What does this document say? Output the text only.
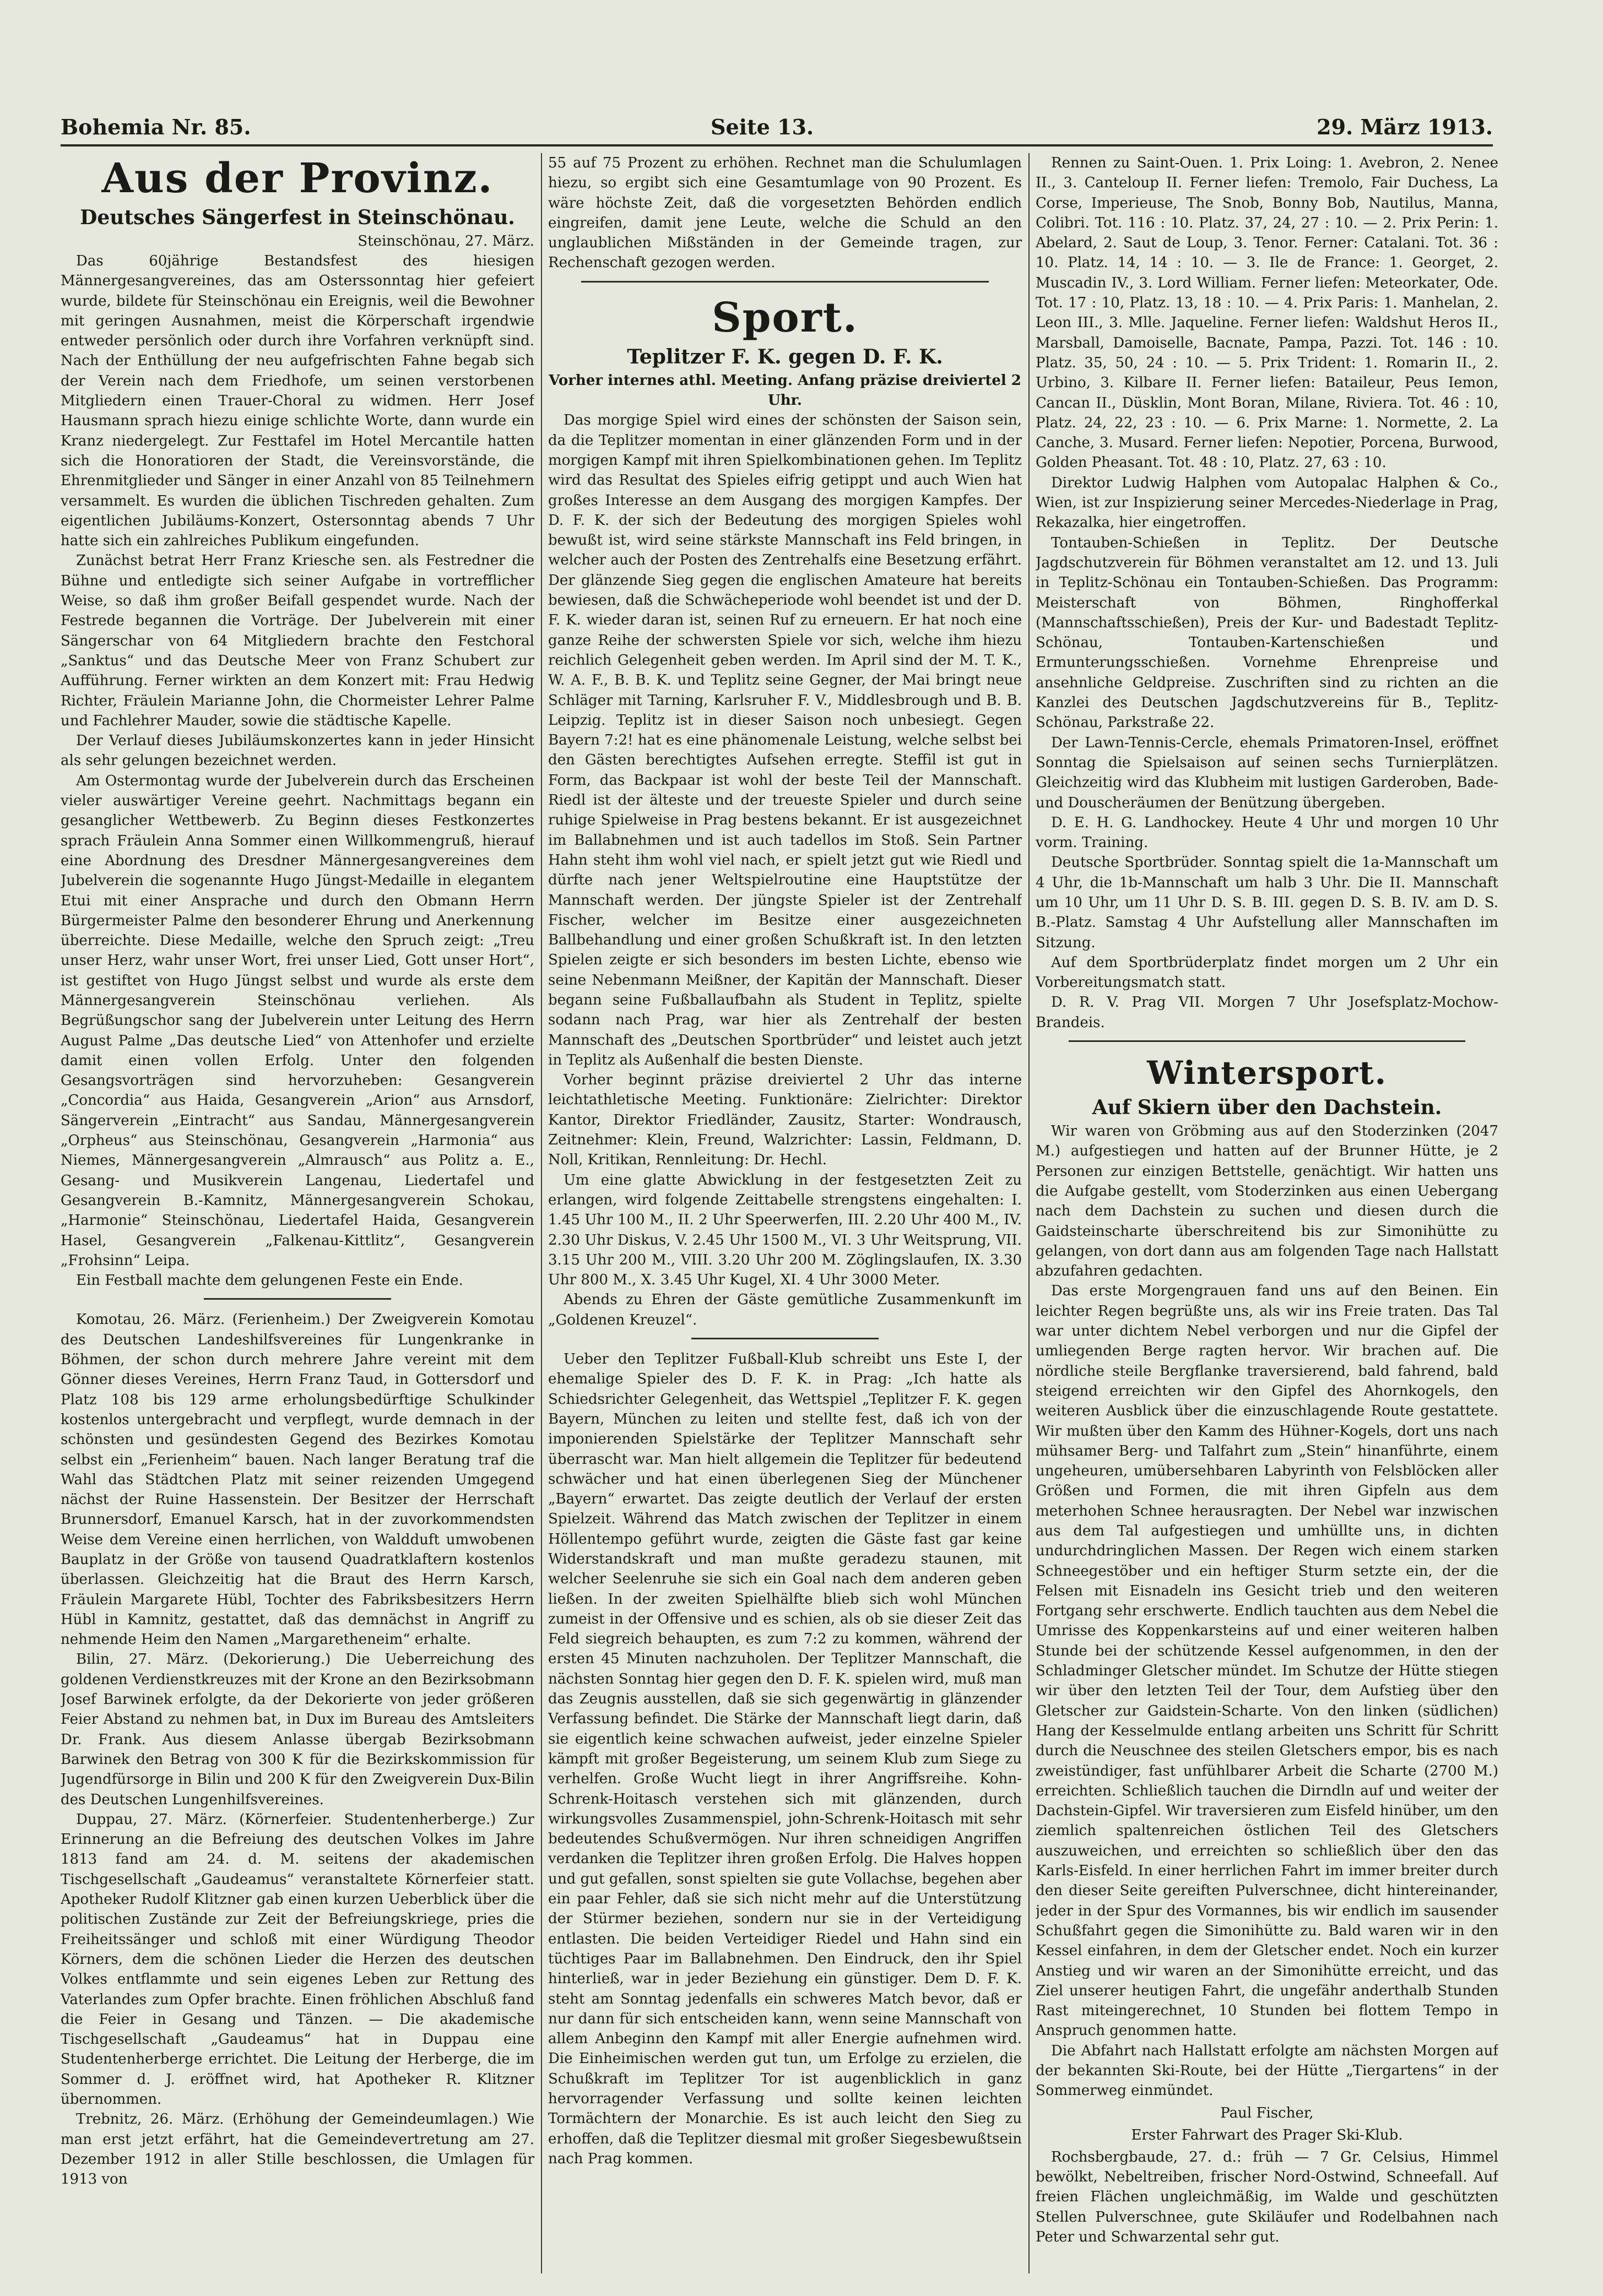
Bohemia Nr. 85.	Seite 13.	29. März 1913.
Aus der Provinz.
Deutsches Sängerfest in Steinschönau.

Steinschönau, 27. März.

Das 60jährige Bestandsfest des hiesigen Männergesangvereines, das am Osterssonntag hier gefeiert wurde, bildete für Steinschönau ein Ereignis, weil die Bewohner mit geringen Ausnahmen, meist die Körperschaft irgendwie entweder persönlich oder durch ihre Vorfahren verknüpft sind. Nach der Enthüllung der neu aufgefrischten Fahne begab sich der Verein nach dem Friedhofe, um seinen verstorbenen Mitgliedern einen Trauer-Choral zu widmen. Herr Josef Hausmann sprach hiezu einige schlichte Worte, dann wurde ein Kranz niedergelegt. Zur Festtafel im Hotel Mercantile hatten sich die Honoratioren der Stadt, die Vereinsvorstände, die Ehrenmitglieder und Sänger in einer Anzahl von 85 Teilnehmern versammelt. Es wurden die üblichen Tischreden gehalten. Zum eigentlichen Jubiläums-Konzert, Ostersonntag abends 7 Uhr hatte sich ein zahlreiches Publikum eingefunden.

Zunächst betrat Herr Franz Kriesche sen. als Festredner die Bühne und entledigte sich seiner Aufgabe in vortrefflicher Weise, so daß ihm großer Beifall gespendet wurde. Nach der Festrede begannen die Vorträge. Der Jubelverein mit einer Sängerschar von 64 Mitgliedern brachte den Festchoral „Sanktus“ und das Deutsche Meer von Franz Schubert zur Aufführung. Ferner wirkten an dem Konzert mit: Frau Hedwig Richter, Fräulein Marianne John, die Chormeister Lehrer Palme und Fachlehrer Mauder, sowie die städtische Kapelle.

Der Verlauf dieses Jubiläumskonzertes kann in jeder Hinsicht als sehr gelungen bezeichnet werden.

Am Ostermontag wurde der Jubelverein durch das Erscheinen vieler auswärtiger Vereine geehrt. Nachmittags begann ein gesanglicher Wettbewerb. Zu Beginn dieses Festkonzertes sprach Fräulein Anna Sommer einen Willkommengruß, hierauf eine Abordnung des Dresdner Männergesangvereines dem Jubelverein die sogenannte Hugo Jüngst-Medaille in elegantem Etui mit einer Ansprache und durch den Obmann Herrn Bürgermeister Palme den besonderer Ehrung und Anerkennung überreichte. Diese Medaille, welche den Spruch zeigt: „Treu unser Herz, wahr unser Wort, frei unser Lied, Gott unser Hort“, ist gestiftet von Hugo Jüngst selbst und wurde als erste dem Männergesangverein Steinschönau verliehen. Als Begrüßungschor sang der Jubelverein unter Leitung des Herrn August Palme „Das deutsche Lied“ von Attenhofer und erzielte damit einen vollen Erfolg. Unter den folgenden Gesangsvorträgen sind hervorzuheben: Gesangverein „Concordia“ aus Haida, Gesangverein „Arion“ aus Arnsdorf, Sängerverein „Eintracht“ aus Sandau, Männergesangverein „Orpheus“ aus Steinschönau, Gesangverein „Harmonia“ aus Niemes, Männergesangverein „Almrausch“ aus Politz a. E., Gesang- und Musikverein Langenau, Liedertafel und Gesangverein B.-Kamnitz, Männergesangverein Schokau, „Harmonie“ Steinschönau, Liedertafel Haida, Gesangverein Hasel, Gesangverein „Falkenau-Kittlitz“, Gesangverein „Frohsinn“ Leipa.

Ein Festball machte dem gelungenen Feste ein Ende.

Komotau, 26. März. (Ferienheim.) Der Zweigverein Komotau des Deutschen Landeshilfsvereines für Lungenkranke in Böhmen, der schon durch mehrere Jahre vereint mit dem Gönner dieses Vereines, Herrn Franz Taud, in Gottersdorf und Platz 108 bis 129 arme erholungsbedürftige Schulkinder kostenlos untergebracht und verpflegt, wurde demnach in der schönsten und gesündesten Gegend des Bezirkes Komotau selbst ein „Ferienheim“ bauen. Nach langer Beratung traf die Wahl das Städtchen Platz mit seiner reizenden Umgegend nächst der Ruine Hassenstein. Der Besitzer der Herrschaft Brunnersdorf, Emanuel Karsch, hat in der zuvorkommendsten Weise dem Vereine einen herrlichen, von Waldduft umwobenen Bauplatz in der Größe von tausend Quadratklaftern kostenlos überlassen. Gleichzeitig hat die Braut des Herrn Karsch, Fräulein Margarete Hübl, Tochter des Fabriksbesitzers Herrn Hübl in Kamnitz, gestattet, daß das demnächst in Angriff zu nehmende Heim den Namen „Margaretheneim“ erhalte.

Bilin, 27. März. (Dekorierung.) Die Ueberreichung des goldenen Verdienstkreuzes mit der Krone an den Bezirksobmann Josef Barwinek erfolgte, da der Dekorierte von jeder größeren Feier Abstand zu nehmen bat, in Dux im Bureau des Amtsleiters Dr. Frank. Aus diesem Anlasse übergab Bezirksobmann Barwinek den Betrag von 300 K für die Bezirkskommission für Jugendfürsorge in Bilin und 200 K für den Zweigverein Dux-Bilin des Deutschen Lungenhilfsvereines.

Duppau, 27. März. (Körnerfeier. Studentenherberge.) Zur Erinnerung an die Befreiung des deutschen Volkes im Jahre 1813 fand am 24. d. M. seitens der akademischen Tischgesellschaft „Gaudeamus“ veranstaltete Körnerfeier statt. Apotheker Rudolf Klitzner gab einen kurzen Ueberblick über die politischen Zustände zur Zeit der Befreiungskriege, pries die Freiheitssänger und schloß mit einer Würdigung Theodor Körners, dem die schönen Lieder die Herzen des deutschen Volkes entflammte und sein eigenes Leben zur Rettung des Vaterlandes zum Opfer brachte. Einen fröhlichen Abschluß fand die Feier in Gesang und Tänzen. — Die akademische Tischgesellschaft „Gaudeamus“ hat in Duppau eine Studentenherberge errichtet. Die Leitung der Herberge, die im Sommer d. J. eröffnet wird, hat Apotheker R. Klitzner übernommen.

Trebnitz, 26. März. (Erhöhung der Gemeindeumlagen.) Wie man erst jetzt erfährt, hat die Gemeindevertretung am 27. Dezember 1912 in aller Stille beschlossen, die Umlagen für 1913 von

55 auf 75 Prozent zu erhöhen. Rechnet man die Schulumlagen hiezu, so ergibt sich eine Gesamtumlage von 90 Prozent. Es wäre höchste Zeit, daß die vorgesetzten Behörden endlich eingreifen, damit jene Leute, welche die Schuld an den unglaublichen Mißständen in der Gemeinde tragen, zur Rechenschaft gezogen werden.

Sport.
Teplitzer F. K. gegen D. F. K.

Vorher internes athl. Meeting. Anfang präzise dreiviertel 2 Uhr.

Das morgige Spiel wird eines der schönsten der Saison sein, da die Teplitzer momentan in einer glänzenden Form und in der morgigen Kampf mit ihren Spielkombinationen gehen. Im Teplitz wird das Resultat des Spieles eifrig getippt und auch Wien hat großes Interesse an dem Ausgang des morgigen Kampfes. Der D. F. K. der sich der Bedeutung des morgigen Spieles wohl bewußt ist, wird seine stärkste Mannschaft ins Feld bringen, in welcher auch der Posten des Zentrehalfs eine Besetzung erfährt. Der glänzende Sieg gegen die englischen Amateure hat bereits bewiesen, daß die Schwächeperiode wohl beendet ist und der D. F. K. wieder daran ist, seinen Ruf zu erneuern. Er hat noch eine ganze Reihe der schwersten Spiele vor sich, welche ihm hiezu reichlich Gelegenheit geben werden. Im April sind der M. T. K., W. A. F., B. B. K. und Teplitz seine Gegner, der Mai bringt neue Schläger mit Tarning, Karlsruher F. V., Middlesbrough und B. B. Leipzig. Teplitz ist in dieser Saison noch unbesiegt. Gegen Bayern 7:2! hat es eine phänomenale Leistung, welche selbst bei den Gästen berechtigtes Aufsehen erregte. Steffil ist gut in Form, das Backpaar ist wohl der beste Teil der Mannschaft. Riedl ist der älteste und der treueste Spieler und durch seine ruhige Spielweise in Prag bestens bekannt. Er ist ausgezeichnet im Ballabnehmen und ist auch tadellos im Stoß. Sein Partner Hahn steht ihm wohl viel nach, er spielt jetzt gut wie Riedl und dürfte nach jener Weltspielroutine eine Hauptstütze der Mannschaft werden. Der jüngste Spieler ist der Zentrehalf Fischer, welcher im Besitze einer ausgezeichneten Ballbehandlung und einer großen Schußkraft ist. In den letzten Spielen zeigte er sich besonders im besten Lichte, ebenso wie seine Nebenmann Meißner, der Kapitän der Mannschaft. Dieser begann seine Fußballaufbahn als Student in Teplitz, spielte sodann nach Prag, war hier als Zentrehalf der besten Mannschaft des „Deutschen Sportbrüder“ und leistet auch jetzt in Teplitz als Außenhalf die besten Dienste.

Vorher beginnt präzise dreiviertel 2 Uhr das interne leichtathletische Meeting. Funktionäre: Zielrichter: Direktor Kantor, Direktor Friedländer, Zausitz, Starter: Wondrausch, Zeitnehmer: Klein, Freund, Walzrichter: Lassin, Feldmann, D. Noll, Kritikan, Rennleitung: Dr. Hechl.

Um eine glatte Abwicklung in der festgesetzten Zeit zu erlangen, wird folgende Zeittabelle strengstens eingehalten: I. 1.45 Uhr 100 M., II. 2 Uhr Speerwerfen, III. 2.20 Uhr 400 M., IV. 2.30 Uhr Diskus, V. 2.45 Uhr 1500 M., VI. 3 Uhr Weitsprung, VII. 3.15 Uhr 200 M., VIII. 3.20 Uhr 200 M. Zöglingslaufen, IX. 3.30 Uhr 800 M., X. 3.45 Uhr Kugel, XI. 4 Uhr 3000 Meter.

Abends zu Ehren der Gäste gemütliche Zusammenkunft im „Goldenen Kreuzel“.

Ueber den Teplitzer Fußball-Klub schreibt uns Este I, der ehemalige Spieler des D. F. K. in Prag: „Ich hatte als Schiedsrichter Gelegenheit, das Wettspiel „Teplitzer F. K. gegen Bayern, München zu leiten und stellte fest, daß ich von der imponierenden Spielstärke der Teplitzer Mannschaft sehr überrascht war. Man hielt allgemein die Teplitzer für bedeutend schwächer und hat einen überlegenen Sieg der Münchener „Bayern“ erwartet. Das zeigte deutlich der Verlauf der ersten Spielzeit. Während das Match zwischen der Teplitzer in einem Höllentempo geführt wurde, zeigten die Gäste fast gar keine Widerstandskraft und man mußte geradezu staunen, mit welcher Seelenruhe sie sich ein Goal nach dem anderen geben ließen. In der zweiten Spielhälfte blieb sich wohl München zumeist in der Offensive und es schien, als ob sie dieser Zeit das Feld siegreich behaupten, es zum 7:2 zu kommen, während der ersten 45 Minuten nachzuholen. Der Teplitzer Mannschaft, die nächsten Sonntag hier gegen den D. F. K. spielen wird, muß man das Zeugnis ausstellen, daß sie sich gegenwärtig in glänzender Verfassung befindet. Die Stärke der Mannschaft liegt darin, daß sie eigentlich keine schwachen aufweist, jeder einzelne Spieler kämpft mit großer Begeisterung, um seinem Klub zum Siege zu verhelfen. Große Wucht liegt in ihrer Angriffsreihe. Kohn-Schrenk-Hoitasch verstehen sich mit glänzenden, durch wirkungsvolles Zusammenspiel, john-Schrenk-Hoitasch mit sehr bedeutendes Schußvermögen. Nur ihren schneidigen Angriffen verdanken die Teplitzer ihren großen Erfolg. Die Halves hoppen und gut gefallen, sonst spielten sie gute Vollachse, begehen aber ein paar Fehler, daß sie sich nicht mehr auf die Unterstützung der Stürmer beziehen, sondern nur sie in der Verteidigung entlasten. Die beiden Verteidiger Riedel und Hahn sind ein tüchtiges Paar im Ballabnehmen. Den Eindruck, den ihr Spiel hinterließ, war in jeder Beziehung ein günstiger. Dem D. F. K. steht am Sonntag jedenfalls ein schweres Match bevor, daß er nur dann für sich entscheiden kann, wenn seine Mannschaft von allem Anbeginn den Kampf mit aller Energie aufnehmen wird. Die Einheimischen werden gut tun, um Erfolge zu erzielen, die Schußkraft im Teplitzer Tor ist augenblicklich in ganz hervorragender Verfassung und sollte keinen leichten Tormächtern der Monarchie. Es ist auch leicht den Sieg zu erhoffen, daß die Teplitzer diesmal mit großer Siegesbewußtsein nach Prag kommen.

Rennen zu Saint-Ouen. 1. Prix Loing: 1. Avebron, 2. Nenee II., 3. Canteloup II. Ferner liefen: Tremolo, Fair Duchess, La Corse, Imperieuse, The Snob, Bonny Bob, Nautilus, Manna, Colibri. Tot. 116 : 10. Platz. 37, 24, 27 : 10. — 2. Prix Perin: 1. Abelard, 2. Saut de Loup, 3. Tenor. Ferner: Catalani. Tot. 36 : 10. Platz. 14, 14 : 10. — 3. Ile de France: 1. Georget, 2. Muscadin IV., 3. Lord William. Ferner liefen: Meteorkater, Ode. Tot. 17 : 10, Platz. 13, 18 : 10. — 4. Prix Paris: 1. Manhelan, 2. Leon III., 3. Mlle. Jaqueline. Ferner liefen: Waldshut Heros II., Marsball, Damoiselle, Bacnate, Pampa, Pazzi. Tot. 146 : 10. Platz. 35, 50, 24 : 10. — 5. Prix Trident: 1. Romarin II., 2. Urbino, 3. Kilbare II. Ferner liefen: Bataileur, Peus Iemon, Cancan II., Düsklin, Mont Boran, Milane, Riviera. Tot. 46 : 10, Platz. 24, 22, 23 : 10. — 6. Prix Marne: 1. Normette, 2. La Canche, 3. Musard. Ferner liefen: Nepotier, Porcena, Burwood, Golden Pheasant. Tot. 48 : 10, Platz. 27, 63 : 10.

Direktor Ludwig Halphen vom Autopalac Halphen & Co., Wien, ist zur Inspizierung seiner Mercedes-Niederlage in Prag, Rekazalka, hier eingetroffen.

Tontauben-Schießen in Teplitz. Der Deutsche Jagdschutzverein für Böhmen veranstaltet am 12. und 13. Juli in Teplitz-Schönau ein Tontauben-Schießen. Das Programm: Meisterschaft von Böhmen, Ringhofferkal (Mannschaftsschießen), Preis der Kur- und Badestadt Teplitz-Schönau, Tontauben-Kartenschießen und Ermunterungsschießen. Vornehme Ehrenpreise und ansehnliche Geldpreise. Zuschriften sind zu richten an die Kanzlei des Deutschen Jagdschutzvereins für B., Teplitz-Schönau, Parkstraße 22.

Der Lawn-Tennis-Cercle, ehemals Primatoren-Insel, eröffnet Sonntag die Spielsaison auf seinen sechs Turnierplätzen. Gleichzeitig wird das Klubheim mit lustigen Garderoben, Bade- und Douscheräumen der Benützung übergeben.

D. E. H. G. Landhockey. Heute 4 Uhr und morgen 10 Uhr vorm. Training.

Deutsche Sportbrüder. Sonntag spielt die 1a-Mannschaft um 4 Uhr, die 1b-Mannschaft um halb 3 Uhr. Die II. Mannschaft um 10 Uhr, um 11 Uhr D. S. B. III. gegen D. S. B. IV. am D. S. B.-Platz. Samstag 4 Uhr Aufstellung aller Mannschaften im Sitzung.

Auf dem Sportbrüderplatz findet morgen um 2 Uhr ein Vorbereitungsmatch statt.

D. R. V. Prag VII. Morgen 7 Uhr Josefsplatz-Mochow-Brandeis.

Wintersport.
Auf Skiern über den Dachstein.

Wir waren von Gröbming aus auf den Stoderzinken (2047 M.) aufgestiegen und hatten auf der Brunner Hütte, je 2 Personen zur einzigen Bettstelle, genächtigt. Wir hatten uns die Aufgabe gestellt, vom Stoderzinken aus einen Uebergang nach dem Dachstein zu suchen und diesen durch die Gaidsteinscharte überschreitend bis zur Simonihütte zu gelangen, von dort dann aus am folgenden Tage nach Hallstatt abzufahren gedachten.

Das erste Morgengrauen fand uns auf den Beinen. Ein leichter Regen begrüßte uns, als wir ins Freie traten. Das Tal war unter dichtem Nebel verborgen und nur die Gipfel der umliegenden Berge ragten hervor. Wir brachen auf. Die nördliche steile Bergflanke traversierend, bald fahrend, bald steigend erreichten wir den Gipfel des Ahornkogels, den weiteren Ausblick über die einzuschlagende Route gestattete. Wir mußten über den Kamm des Hühner-Kogels, dort uns nach mühsamer Berg- und Talfahrt zum „Stein“ hinanführte, einem ungeheuren, umübersehbaren Labyrinth von Felsblöcken aller Größen und Formen, die mit ihren Gipfeln aus dem meterhohen Schnee herausragten. Der Nebel war inzwischen aus dem Tal aufgestiegen und umhüllte uns, in dichten undurchdringlichen Massen. Der Regen wich einem starken Schneegestöber und ein heftiger Sturm setzte ein, der die Felsen mit Eisnadeln ins Gesicht trieb und den weiteren Fortgang sehr erschwerte. Endlich tauchten aus dem Nebel die Umrisse des Koppenkarsteins auf und einer weiteren halben Stunde bei der schützende Kessel aufgenommen, in den der Schladminger Gletscher mündet. Im Schutze der Hütte stiegen wir über den letzten Teil der Tour, dem Aufstieg über den Gletscher zur Gaidstein-Scharte. Von den linken (südlichen) Hang der Kesselmulde entlang arbeiten uns Schritt für Schritt durch die Neuschnee des steilen Gletschers empor, bis es nach zweistündiger, fast unfühlbarer Arbeit die Scharte (2700 M.) erreichten. Schließlich tauchen die Dirndln auf und weiter der Dachstein-Gipfel. Wir traversieren zum Eisfeld hinüber, um den ziemlich spaltenreichen östlichen Teil des Gletschers auszuweichen, und erreichten so schließlich über den das Karls-Eisfeld. In einer herrlichen Fahrt im immer breiter durch den dieser Seite gereiften Pulverschnee, dicht hintereinander, jeder in der Spur des Vormannes, bis wir endlich im sausender Schußfahrt gegen die Simonihütte zu. Bald waren wir in den Kessel einfahren, in dem der Gletscher endet. Noch ein kurzer Anstieg und wir waren an der Simonihütte erreicht, und das Ziel unserer heutigen Fahrt, die ungefähr anderthalb Stunden Rast miteingerechnet, 10 Stunden bei flottem Tempo in Anspruch genommen hatte.

Die Abfahrt nach Hallstatt erfolgte am nächsten Morgen auf der bekannten Ski-Route, bei der Hütte „Tiergartens“ in der Sommerweg einmündet.

Paul Fischer,

Erster Fahrwart des Prager Ski-Klub.

Rochsbergbaude, 27. d.: früh — 7 Gr. Celsius, Himmel bewölkt, Nebeltreiben, frischer Nord-Ostwind, Schneefall. Auf freien Flächen ungleichmäßig, im Walde und geschützten Stellen Pulverschnee, gute Skiläufer und Rodelbahnen nach Peter und Schwarzental sehr gut.
